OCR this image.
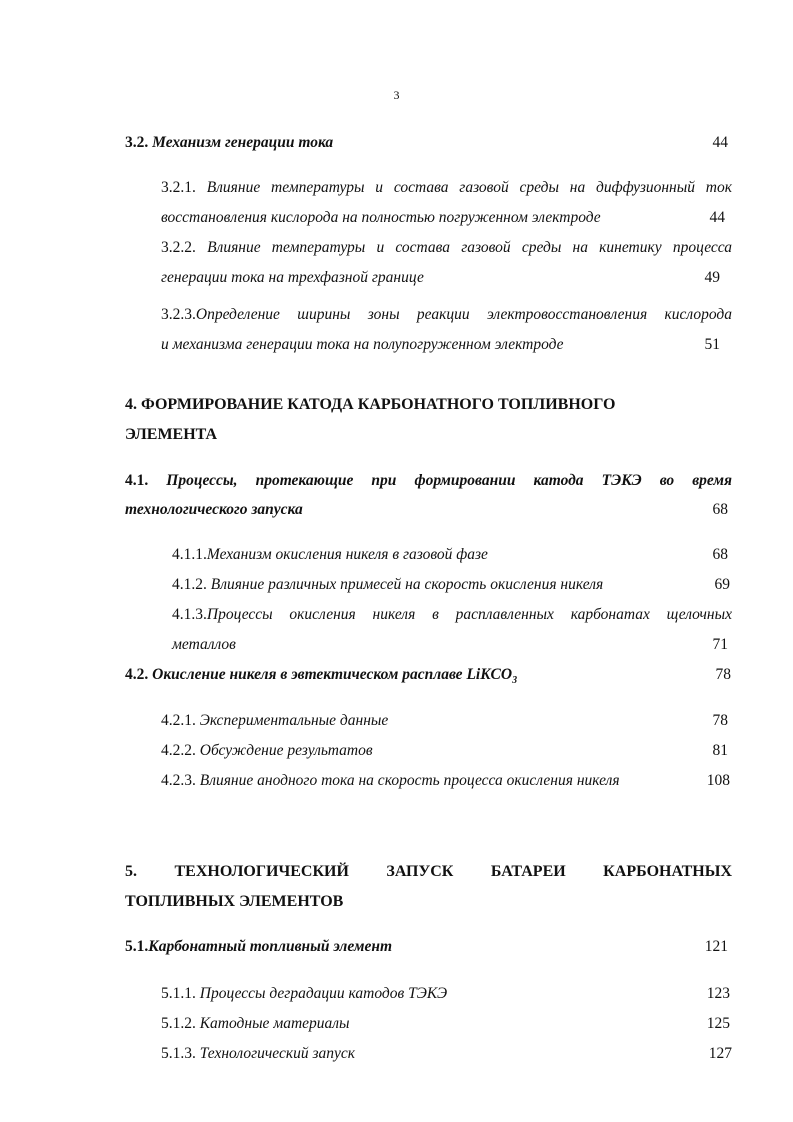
3
3.2. Механизм генерации тока	44
3.2.1. Влияние температуры и состава газовой среды на диффузионный ток
восстановления кислорода на полностью погруженном электроде	44
3.2.2. Влияние температуры и состава газовой среды на кинетику процесса
генерации тока на трехфазной границе	49
3.2.3.Определение ширины зоны реакции электровосстановления кислорода
и механизма генерации тока на полупогруженном электроде	51
4. ФОРМИРОВАНИЕ КАТОДА КАРБОНАТНОГО ТОПЛИВНОГО
ЭЛЕМЕНТА
4.1. Процессы, протекающие при формировании катода ТЭКЭ во время
технологического запуска	68
4.1.1.Механизм окисления никеля в газовой фазе	68
4.1.2. Влияние различных примесей на скорость окисления никеля	69
4.1.3.Процессы окисления никеля в расплавленных карбонатах щелочных
металлов	71
4.2. Окисление никеля в эвтектическом расплаве LiKCO$_3$	78
4.2.1. Экспериментальные данные	78
4.2.2. Обсуждение результатов	81
4.2.3. Влияние анодного тока на скорость процесса окисления никеля	108
5. ТЕХНОЛОГИЧЕСКИЙ ЗАПУСК БАТАРЕИ КАРБОНАТНЫХ
ТОПЛИВНЫХ ЭЛЕМЕНТОВ
5.1.Карбонатный топливный элемент	121
5.1.1. Процессы деградации катодов ТЭКЭ	123
5.1.2. Катодные материалы	125
5.1.3. Технологический запуск	127
